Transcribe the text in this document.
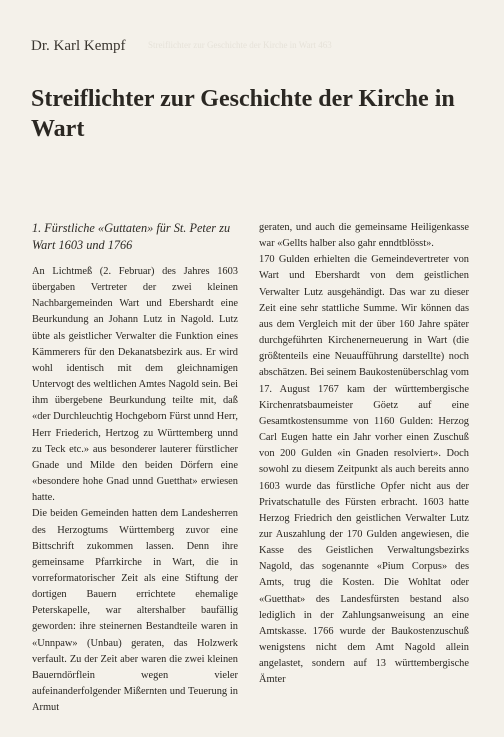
Dr. Karl Kempf Streiflichter zur Geschichte der Kirche in Wart 463
Streiflichter zur Geschichte der Kirche in Wart
1. Fürstliche «Guttaten» für St. Peter zu Wart 1603 und 1766

An Lichtmeß (2. Februar) des Jahres 1603 übergaben Vertreter der zwei kleinen Nachbargemeinden Wart und Ebershardt eine Beurkundung an Johann Lutz in Nagold. Lutz übte als geistlicher Verwalter die Funktion eines Kämmerers für den Dekanatsbezirk aus. Er wird wohl identisch mit dem gleichnamigen Untervogt des weltlichen Amtes Nagold sein. Bei ihm übergebene Beurkundung teilte mit, daß «der Durchleuchtig Hochgeborn Fürst unnd Herr, Herr Friederich, Hertzog zu Württemberg unnd zu Teck etc.» aus besonderer lauterer fürstlicher Gnade und Milde den beiden Dörfern eine «besondere hohe Gnad unnd Guetthat» erwiesen hatte.

Die beiden Gemeinden hatten dem Landesherren des Herzogtums Württemberg zuvor eine Bittschrift zukommen lassen. Denn ihre gemeinsame Pfarrkirche in Wart, die in vorreformatorischer Zeit als eine Stiftung der dortigen Bauern errichtete ehemalige Peterskapelle, war altershalber baufällig geworden: ihre steinernen Bestandteile waren in «Unnpaw» (Unbau) geraten, das Holzwerk verfault. Zu der Zeit aber waren die zwei kleinen Bauerndörflein wegen vieler aufeinanderfolgender Mißernten und Teuerung in Armut

geraten, und auch die gemeinsame Heiligenkasse war «Gellts halber also gahr enndtblösst».

170 Gulden erhielten die Gemeindevertreter von Wart und Ebershardt von dem geistlichen Verwalter Lutz ausgehändigt. Das war zu dieser Zeit eine sehr stattliche Summe. Wir können das aus dem Vergleich mit der über 160 Jahre später durchgeführten Kirchenerneuerung in Wart (die größtenteils eine Neuaufführung darstellte) noch abschätzen. Bei seinem Baukostenüberschlag vom 17. August 1767 kam der württembergische Kirchenratsbaumeister Göetz auf eine Gesamtkostensumme von 1160 Gulden: Herzog Carl Eugen hatte ein Jahr vorher einen Zuschuß von 200 Gulden «in Gnaden resolviert». Doch sowohl zu diesem Zeitpunkt als auch bereits anno 1603 wurde das fürstliche Opfer nicht aus der Privatschatulle des Fürsten erbracht. 1603 hatte Herzog Friedrich den geistlichen Verwalter Lutz zur Auszahlung der 170 Gulden angewiesen, die Kasse des Geistlichen Verwaltungsbezirks Nagold, das sogenannte «Pium Corpus» des Amts, trug die Kosten. Die Wohltat oder «Guetthat» des Landesfürsten bestand also lediglich in der Zahlungsanweisung an eine Amtskasse. 1766 wurde der Baukostenzuschuß wenigstens nicht dem Amt Nagold allein angelastet, sondern auf 13 württembergische Ämter
